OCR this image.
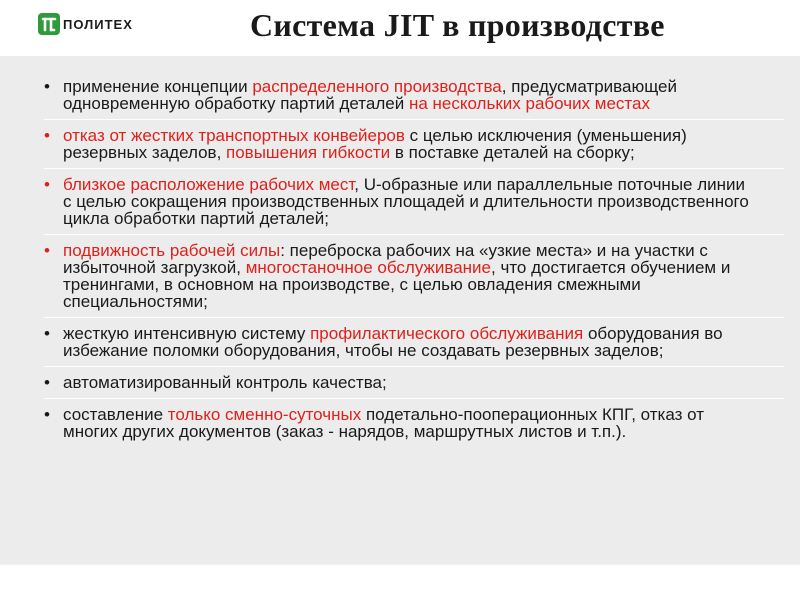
ПОЛИТЕХ	Система JIT в производстве
• применение концепции распределенного производства, предусматривающей одновременную обработку партий деталей на нескольких рабочих местах
• отказ от жестких транспортных конвейеров с целью исключения (уменьшения) резервных заделов, повышения гибкости в поставке деталей на сборку;
• близкое расположение рабочих мест, U-образные или параллельные поточные линии с целью сокращения производственных площадей и длительности производственного цикла обработки партий деталей;
• подвижность рабочей силы: переброска рабочих на «узкие места» и на участки с избыточной загрузкой, многостаночное обслуживание, что достигается обучением и тренингами, в основном на производстве, с целью овладения смежными специальностями;
• жесткую интенсивную систему профилактического обслуживания оборудования во избежание поломки оборудования, чтобы не создавать резервных заделов;
• автоматизированный контроль качества;
• составление только сменно-суточных подетально-пооперационных КПГ, отказ от многих других документов (заказ - нарядов, маршрутных листов и т.п.).
